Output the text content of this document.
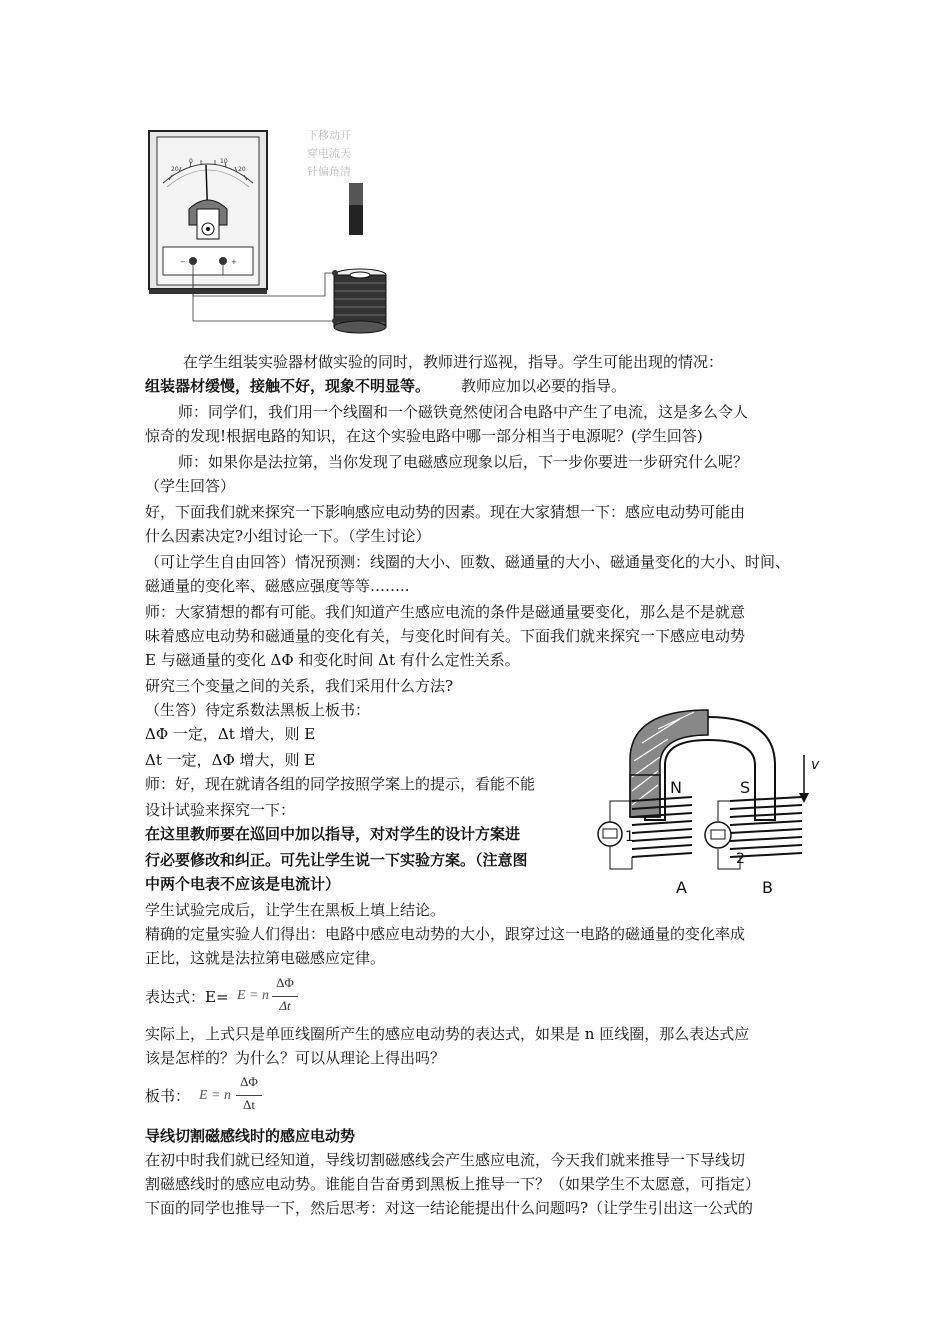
20
0	10
20
−	+
下移动开
穿电流天
针偏角清
N	S
v
1
2
A	B
在学生组装实验器材做实验的同时，教师进行巡视，指导。学生可能出现的情况：
组装器材缓慢，接触不好，现象不明显等。 教师应加以必要的指导。
师：同学们，我们用一个线圈和一个磁铁竟然使闭合电路中产生了电流，这是多么令人
惊奇的发现!根据电路的知识，在这个实验电路中哪一部分相当于电源呢？(学生回答)
师：如果你是法拉第，当你发现了电磁感应现象以后，下一步你要进一步研究什么呢？
（学生回答）
好，下面我们就来探究一下影响感应电动势的因素。现在大家猜想一下：感应电动势可能由
什么因素决定?小组讨论一下。（学生讨论）
（可让学生自由回答）情况预测：线圈的大小、匝数、磁通量的大小、磁通量变化的大小、时间、
磁通量的变化率、磁感应强度等等……..
师：大家猜想的都有可能。我们知道产生感应电流的条件是磁通量要变化，那么是不是就意
味着感应电动势和磁通量的变化有关，与变化时间有关。下面我们就来探究一下感应电动势
E 与磁通量的变化 ΔΦ 和变化时间 Δt 有什么定性关系。
研究三个变量之间的关系，我们采用什么方法?
（生答）待定系数法黑板上板书：
ΔΦ 一定，Δt 增大，则 E
Δt 一定，ΔΦ 增大，则 E
师：好，现在就请各组的同学按照学案上的提示，看能不能
设计试验来探究一下：
在这里教师要在巡回中加以指导，对对学生的设计方案进
行必要修改和纠正。可先让学生说一下实验方案。（注意图
中两个电表不应该是电流计）
学生试验完成后，让学生在黑板上填上结论。
精确的定量实验人们得出：电路中感应电动势的大小，跟穿过这一电路的磁通量的变化率成
正比，这就是法拉第电磁感应定律。
表达式：E= E = n
ΔΦ
Δt
实际上，上式只是单匝线圈所产生的感应电动势的表达式，如果是 n 匝线圈，那么表达式应
该是怎样的？为什么？可以从理论上得出吗？
板书： E = n
ΔΦ
Δt
导线切割磁感线时的感应电动势
在初中时我们就已经知道，导线切割磁感线会产生感应电流，今天我们就来推导一下导线切
割磁感线时的感应电动势。谁能自告奋勇到黑板上推导一下？（如果学生不太愿意，可指定）
下面的同学也推导一下，然后思考：对这一结论能提出什么问题吗?（让学生引出这一公式的
